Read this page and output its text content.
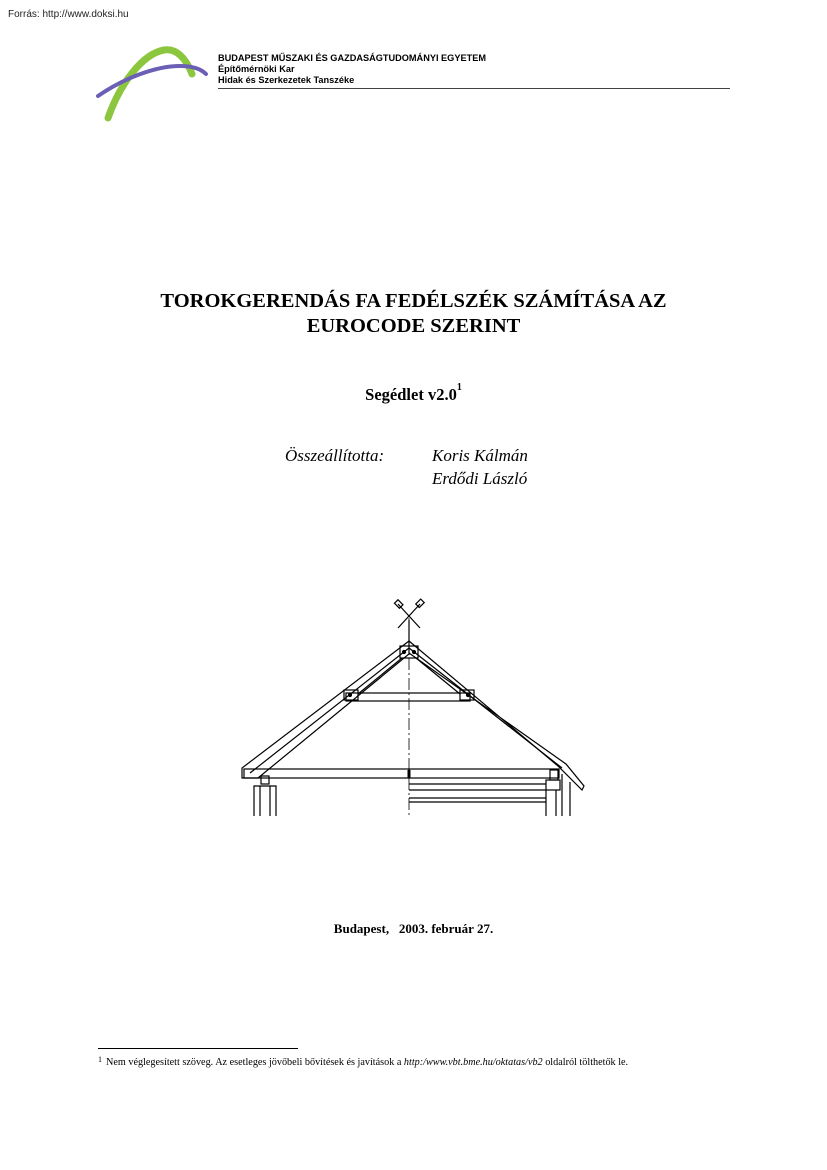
Forrás: http://www.doksi.hu
BUDAPEST MŰSZAKI ÉS GAZDASÁGTUDOMÁNYI EGYETEM
Építőmérnöki Kar
Hidak és Szerkezetek Tanszéke
TOROKGERENDÁS FA FEDÉLSZÉK SZÁMÍTÁSA AZ
EUROCODE SZERINT
Segédlet $v2.0^1$
Összeállította:	Koris Kálmán
Erdődi László
Budapest, 2003. február 27.
$^1$ Nem véglegesített szöveg. Az esetleges jövőbeli bővítések és javítások a http:/www.vbt.bme.hu/oktatas/vb2 oldalról tölthetők le.
